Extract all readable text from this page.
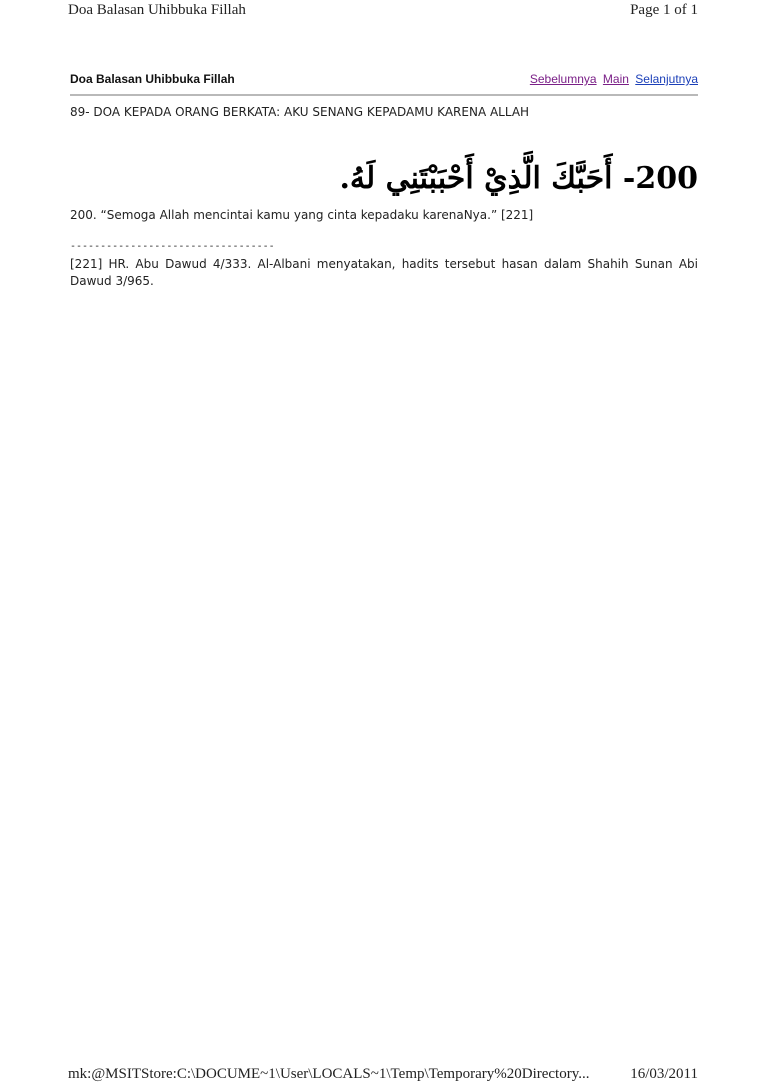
Doa Balasan Uhibbuka Fillah	Page 1 of 1
Doa Balasan Uhibbuka Fillah	Sebelumnya Main Selanjutnya
89- DOA KEPADA ORANG BERKATA: AKU SENANG KEPADAMU KARENA ALLAH
200- أَحَبَّكَ الَّذِيْ أَحْبَبْتَنِي لَهُ.
200. “Semoga Allah mencintai kamu yang cinta kepadaku karenaNya.” [221]
----------------------------------
[221] HR. Abu Dawud 4/333. Al-Albani menyatakan, hadits tersebut hasan dalam Shahih Sunan Abi Dawud 3/965.
mk:@MSITStore:C:\DOCUME~1\User\LOCALS~1\Temp\Temporary%20Directory...	16/03/2011
